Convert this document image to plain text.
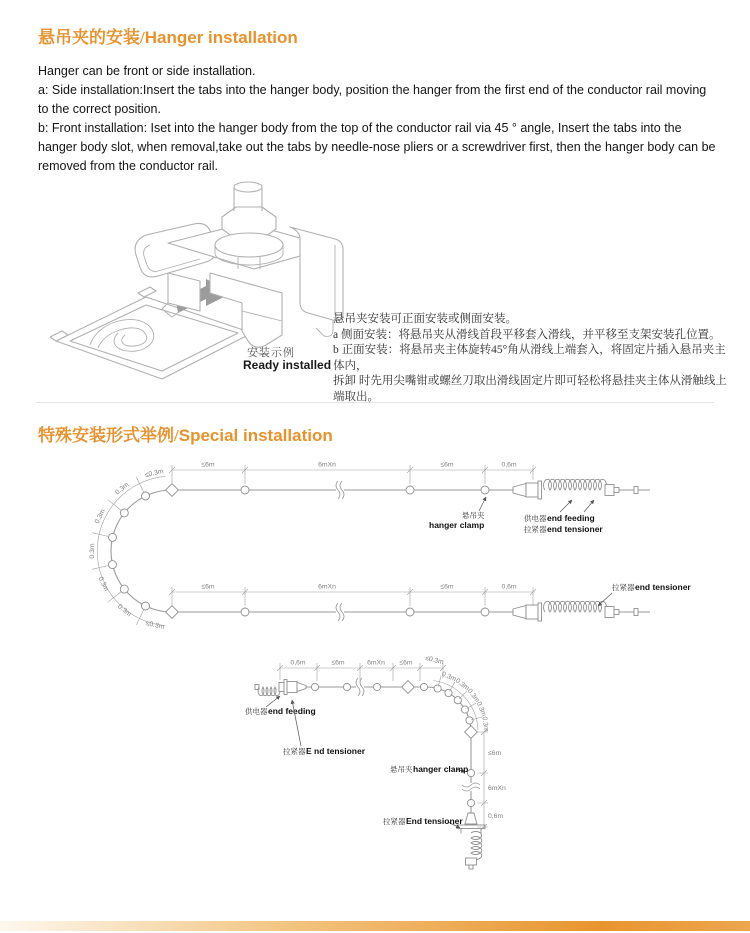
悬吊夹的安装/Hanger installation

Hanger can be front or side installation.

a: Side installation:Insert the tabs into the hanger body, position the hanger from the first end of the conductor rail moving to the correct position.

b: Front installation: Iset into the hanger body from the top of the conductor rail via 45 ° angle, Insert the tabs into the hanger body slot, when removal,take out the tabs by needle-nose pliers or a screwdriver first, then the hanger body can be removed from the conductor rail.

安装示例
Ready installed
悬吊夹安装可正面安装或侧面安装。
a 侧面安装：将悬吊夹从滑线首段平移套入滑线，并平移至支架安装孔位置。
b 正面安装：将悬吊夹主体旋转45°角从滑线上端套入，将固定片插入悬吊夹主体内，
拆卸 时先用尖嘴钳或螺丝刀取出滑线固定片即可轻松将悬挂夹主体从滑触线上端取出。
特殊安装形式举例/Special installation
≤6m	6mXn	≤6m	0,6m
≤6m	6mXn	≤6m	0,6m
≤0.3m
0.3m
0.3m
0.3m
0.3m
0.3m
≤0.3m
悬吊夹
hanger clamp
供电器 end feeding
拉紧器 end tensioner
拉紧器 end tensioner
0,6m	≤6m	6mXn ≤6m ≤0.3m
0.3m
0.3m
0.3m
0.3m
0.3m
≤6m
6mXn
0,6m
供电器 end feeding
拉紧器 E nd tensioner
悬吊夹 hanger clamp
拉紧器 End tensioner
